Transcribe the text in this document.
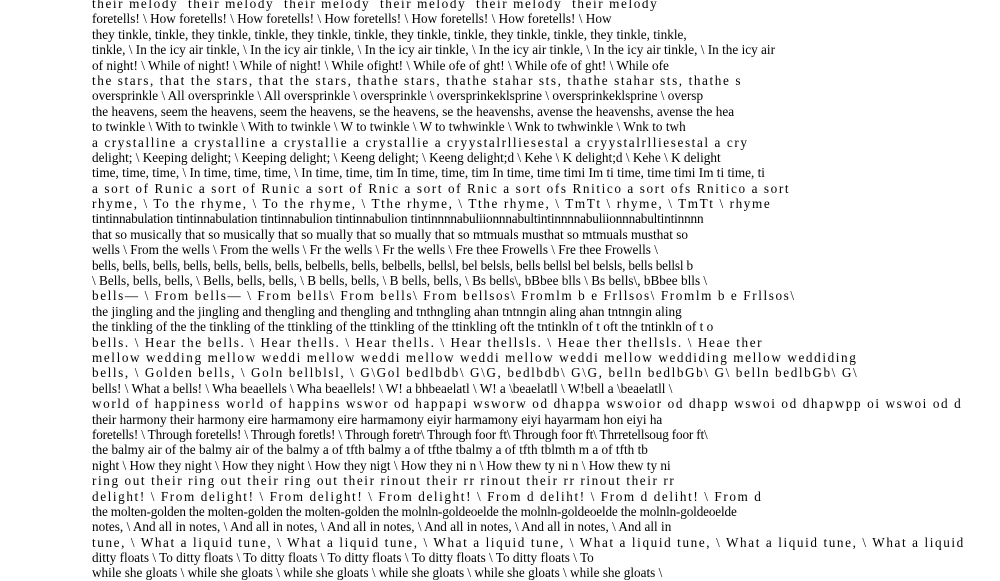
their melody  their melody  their melody  their melody  their melody  their melody
foretells! \ How foretells! \ How foretells! \ How foretells! \ How foretells! \ How foretells! \ How
they tinkle, tinkle, they tinkle, tinkle, they tinkle, tinkle, they tinkle, tinkle, they tinkle, tinkle, they tinkle, tinkle,
tinkle, \ In the icy air tinkle, \ In the icy air tinkle, \ In the icy air tinkle, \ In the icy air tinkle, \ In the icy air tinkle, \ In the icy air
of night! \ While of night! \ While of night! \ While ofight! \ While ofe of ght! \ While ofe of ght! \ While ofe
the stars, that the stars, that the stars, thathe stars, thathe stahar sts, thathe stahar sts, thathe s
oversprinkle \ All oversprinkle \ All oversprinkle \ oversprinkle \ oversprinkeklsprine \ oversprinkeklsprine \ oversp
the heavens, seem the heavens, seem the heavens, se the heavens, se the heavenshs, avense the heavenshs, avense the hea
to twinkle \ With to twinkle \ With to twinkle \ W to twinkle \ W to twhwinkle \ Wnk to twhwinkle \ Wnk to twh
a crystalline a crystalline a crystallie a crystallie a cryystalrlliesestal a cryystalrlliesestal a cry
delight; \ Keeping delight; \ Keeping delight; \ Keeng delight; \ Keeng delight;d \ Kehe \ K delight;d \ Kehe \ K delight
time, time, time, \ In time, time, time, \ In time, time, tim In time, time, tim In time, time timi Im ti time, time timi Im ti time, ti
a sort of Runic a sort of Runic a sort of Rnic a sort of Rnic a sort ofs Rnitico a sort ofs Rnitico a sort
rhyme, \ To the rhyme, \ To the rhyme, \ Tthe rhyme, \ Tthe rhyme, \ TmTt \ rhyme, \ TmTt \ rhyme
tintinnabulation tintinnabulation tintinnabulion tintinnabulion tintinnnnabuliionnnabultintinnnnabuliionnnabultintinnnn
that so musically that so musically that so mually that so mually that so mtmuals musthat so mtmuals musthat so
wells \ From the wells \ From the wells \ Fr the wells \ Fr the wells \ Fre thee Frowells \ Fre thee Frowells \
bells, bells, bells, bells, bells, bells, bells, belbells, bells, belbells, bellsl, bel belsls, bells bellsl bel belsls, bells bellsl b
\ Bells, bells, bells, \ Bells, bells, bells, \ B bells, bells, \ B bells, bells, \ Bs bells\, bBbee blls \ Bs bells\, bBbee blls \
bells— \ From bells— \ From bells\ From bells\ From bellsos\ Fromlm b e Frllsos\ Fromlm b e Frllsos\
the jingling and the jingling and thengling and thengling and tnthngling ahan tntnngin aling ahan tntnngin aling
the tinkling of the the tinkling of the ttinkling of the ttinkling of the ttinkling oft the tntinkln of t oft the tntinkln of t o
bells. \ Hear the bells. \ Hear thells. \ Hear thells. \ Hear thellsls. \ Heae ther thellsls. \ Heae ther
mellow wedding mellow weddi mellow weddi mellow weddi mellow weddi mellow weddiding mellow weddiding
bells, \ Golden bells, \ Goln bellblsl, \ G\Gol bedlbdb\ G\G, bedlbdb\ G\G, belln bedlbGb\ G\ belln bedlbGb\ G\
bells! \ What a bells! \ Wha beaellels \ Wha beaellels! \ W! a bhbeaelatl \ W! a \beaelatll \ W!bell a \beaelatll \
world of happiness world of happins wswor od happapi wsworw od dhappa wswoior od dhapp wswoi od dhapwpp oi wswoi od d
their harmony their harmony eire harmamony eire harmamony eiyir harmamony eiyi hayarmam hon eiyi ha
foretells! \ Through foretells! \ Through foretls! \ Through foretr\ Through foor ft\ Through foor ft\ Thrretellsoug foor ft\
the balmy air of the balmy air of the balmy a of tfth balmy a of tfthe tbalmy a of tfth tblmth m a of tfth tb
night \ How they night \ How they night \ How they nigt \ How they ni n \ How thew ty ni n \ How thew ty ni
ring out their ring out their ring out their rinout their rr rinout their rr rinout their rr
delight! \ From delight! \ From delight! \ From delight! \ From d deliht! \ From d deliht! \ From d
the molten-golden the molten-golden the molten-golden the molnln-goldeoelde the molnln-goldeoelde the molnln-goldeoelde
notes, \ And all in notes, \ And all in notes, \ And all in notes, \ And all in notes, \ And all in notes, \ And all in
tune, \ What a liquid tune, \ What a liquid tune, \ What a liquid tune, \ What a liquid tune, \ What a liquid tune, \ What a liquid
ditty floats \ To ditty floats \ To ditty floats \ To ditty floats \ To ditty floats \ To ditty floats \ To
while she gloats \ while she gloats \ while she gloats \ while she gloats \ while she gloats \ while she gloats \
